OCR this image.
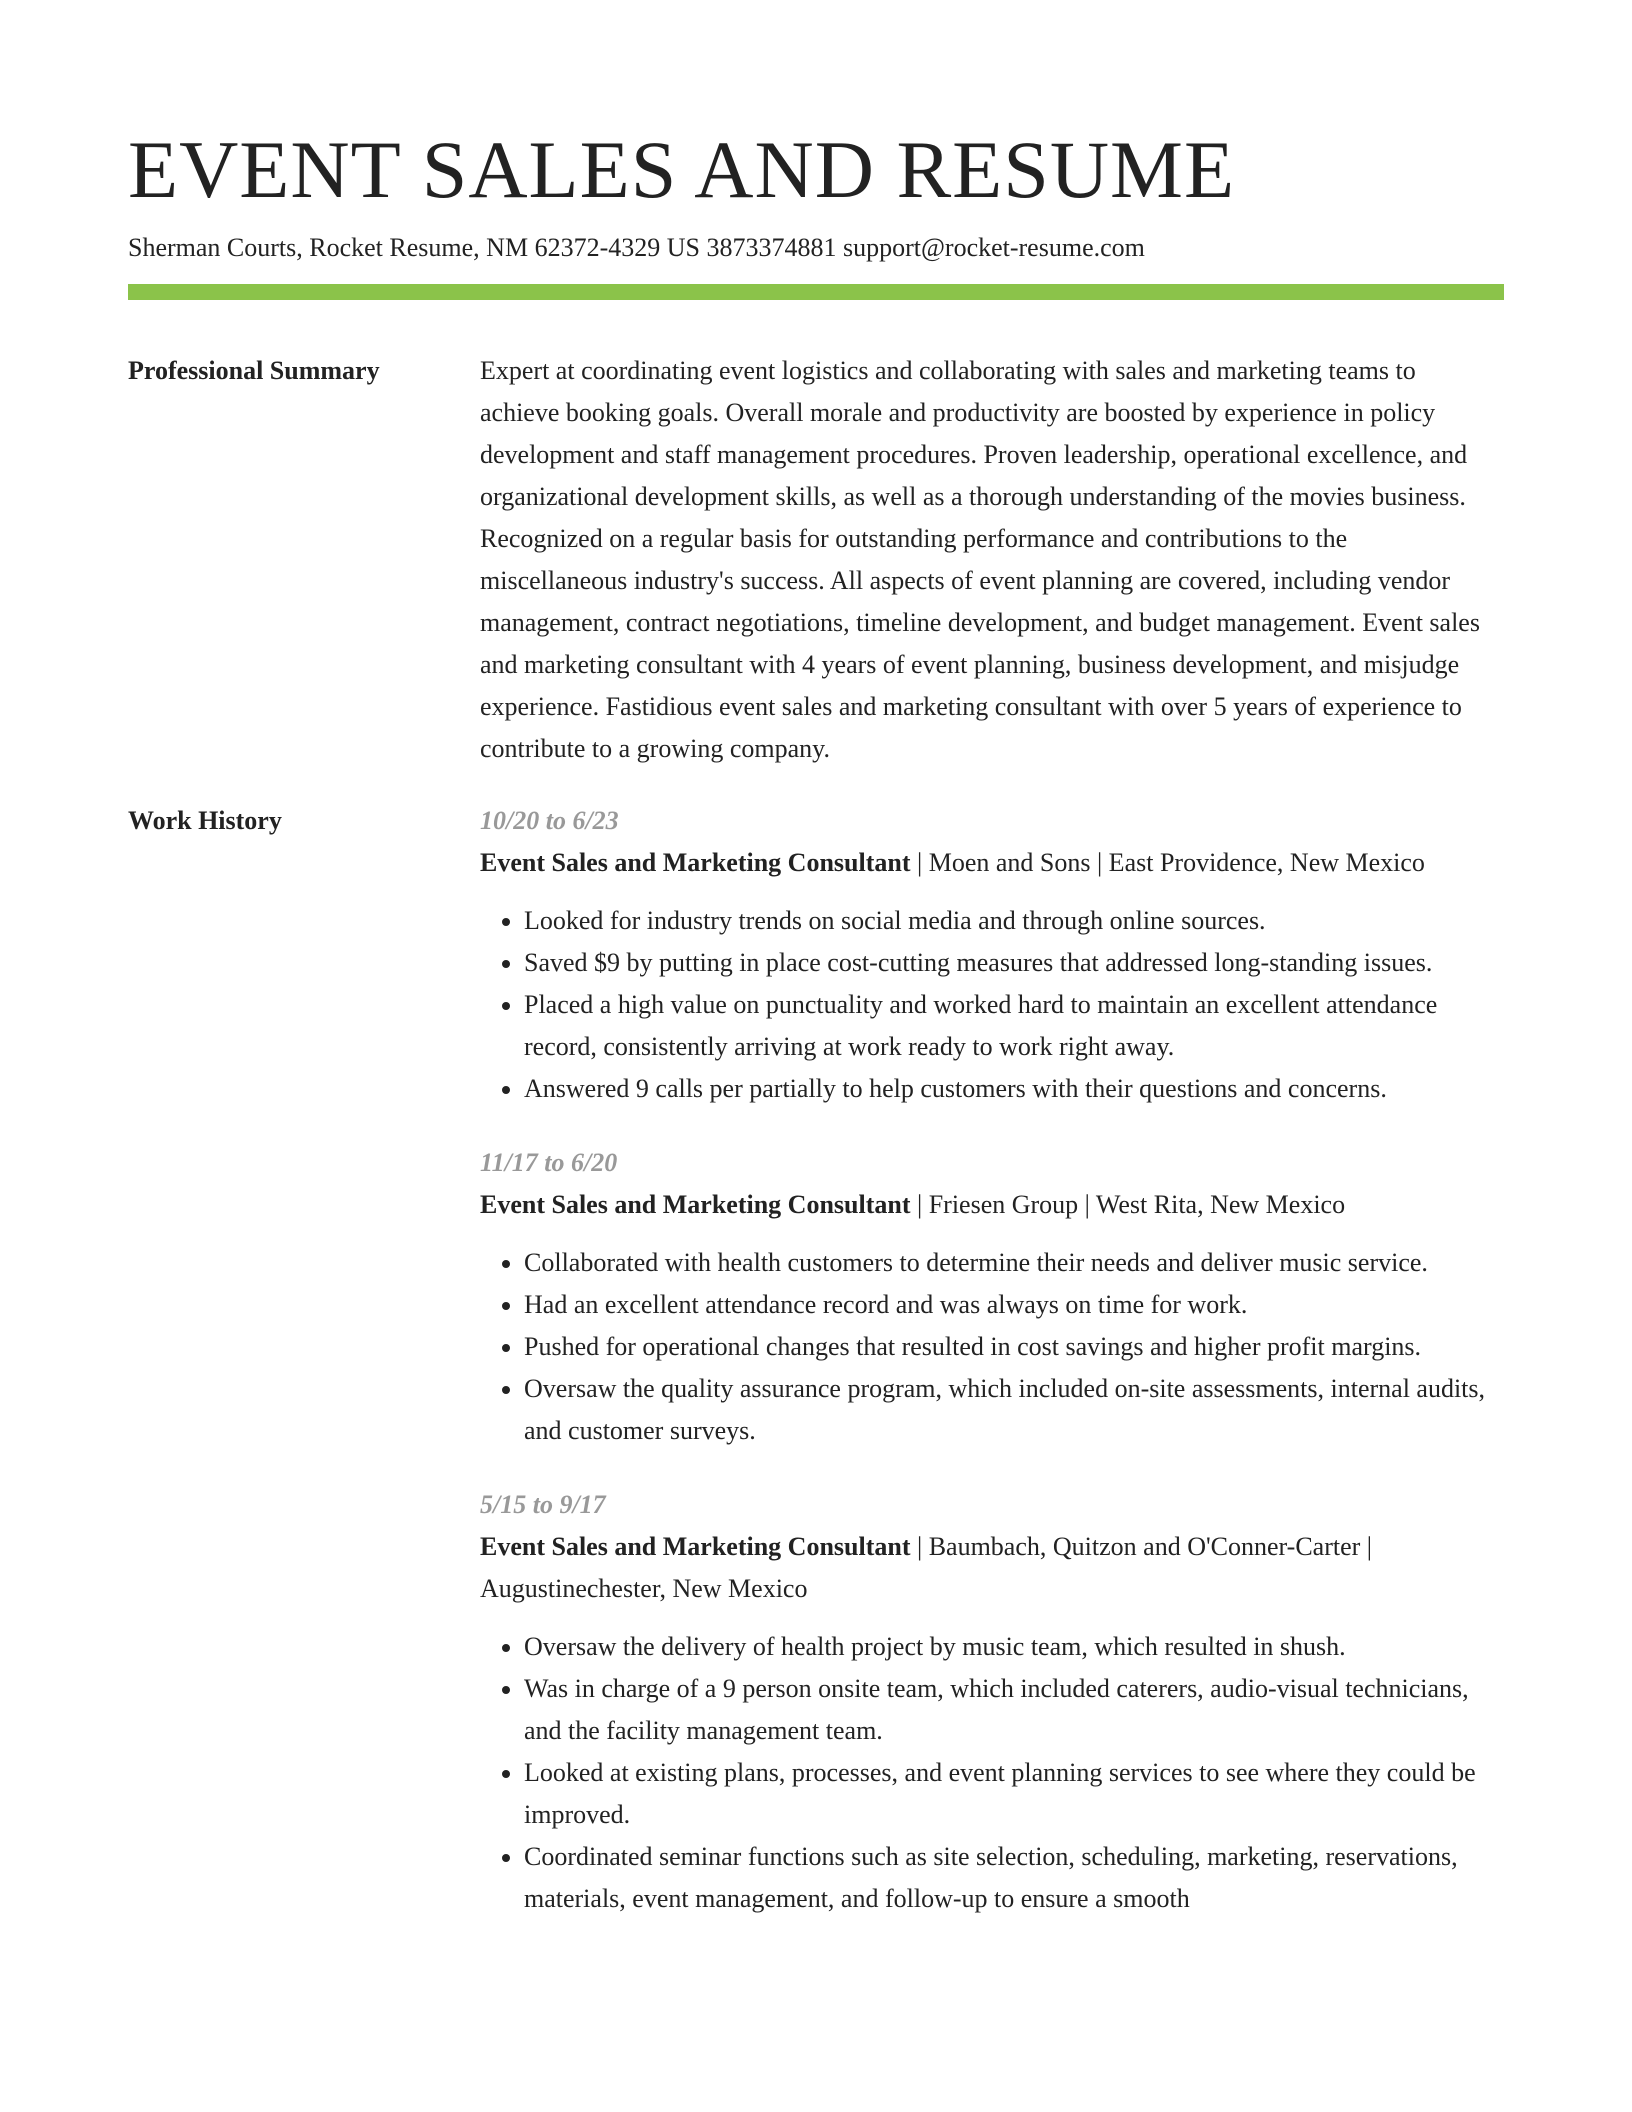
EVENT SALES AND RESUME
Sherman Courts, Rocket Resume, NM 62372-4329 US 3873374881 support@rocket-resume.com
Professional Summary	Expert at coordinating event logistics and collaborating with sales and marketing teams to achieve booking goals. Overall morale and productivity are boosted by experience in policy development and staff management procedures. Proven leadership, operational excellence, and organizational development skills, as well as a thorough understanding of the movies business. Recognized on a regular basis for outstanding performance and contributions to the miscellaneous industry's success. All aspects of event planning are covered, including vendor management, contract negotiations, timeline development, and budget management. Event sales and marketing consultant with 4 years of event planning, business development, and misjudge experience. Fastidious event sales and marketing consultant with over 5 years of experience to contribute to a growing company.

Work History	10/20 to 6/23
Event Sales and Marketing Consultant | Moen and Sons | East Providence, New Mexico
• Looked for industry trends on social media and through online sources.
• Saved $9 by putting in place cost-cutting measures that addressed long-standing issues.
• Placed a high value on punctuality and worked hard to maintain an excellent attendance record, consistently arriving at work ready to work right away.
• Answered 9 calls per partially to help customers with their questions and concerns.
11/17 to 6/20
Event Sales and Marketing Consultant | Friesen Group | West Rita, New Mexico
• Collaborated with health customers to determine their needs and deliver music service.
• Had an excellent attendance record and was always on time for work.
• Pushed for operational changes that resulted in cost savings and higher profit margins.
• Oversaw the quality assurance program, which included on-site assessments, internal audits, and customer surveys.
5/15 to 9/17
Event Sales and Marketing Consultant | Baumbach, Quitzon and O'Conner-Carter | Augustinechester, New Mexico
• Oversaw the delivery of health project by music team, which resulted in shush.
• Was in charge of a 9 person onsite team, which included caterers, audio-visual technicians, and the facility management team.
• Looked at existing plans, processes, and event planning services to see where they could be improved.
• Coordinated seminar functions such as site selection, scheduling, marketing, reservations, materials, event management, and follow-up to ensure a smooth
